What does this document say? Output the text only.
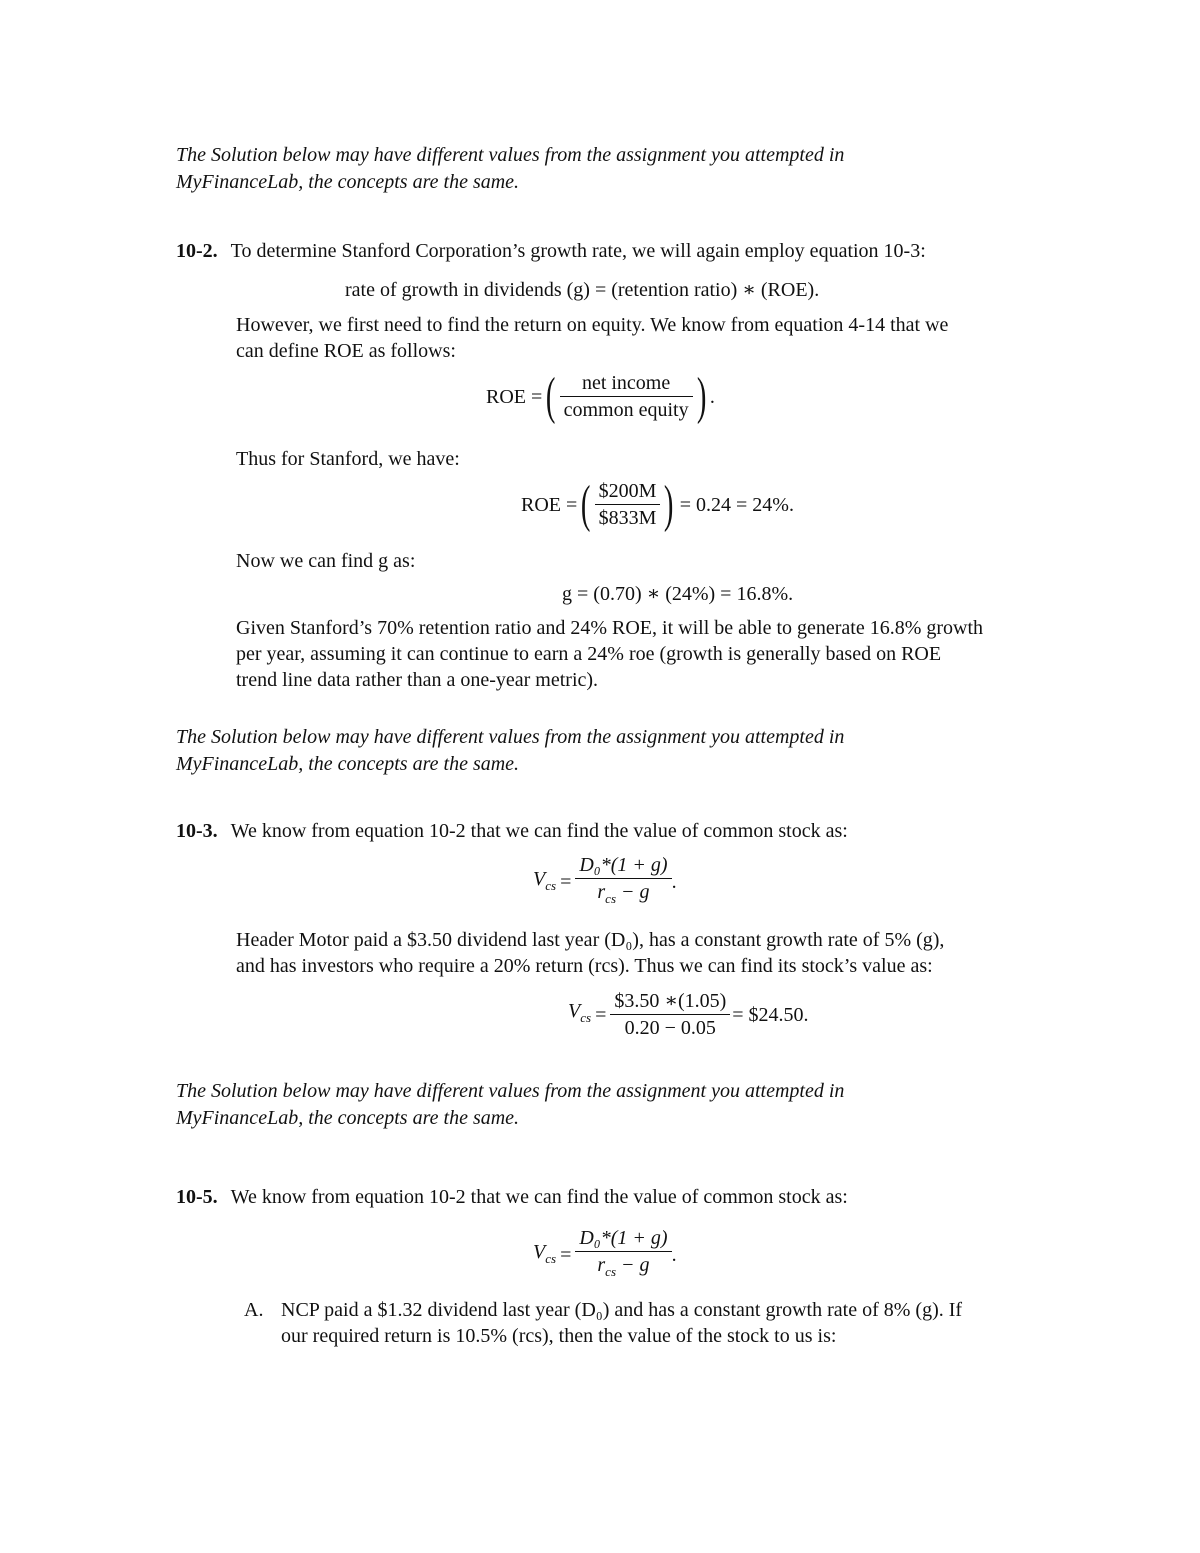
The Solution below may have different values from the assignment you attempted in
MyFinanceLab, the concepts are the same.
10-2. To determine Stanford Corporation’s growth rate, we will again employ equation 10-3:
rate of growth in dividends (g) = (retention ratio) ∗ (ROE).
However, we first need to find the return on equity. We know from equation 4-14 that we
can define ROE as follows:
ROE = ( $\frac{\text{net income}}{\text{common equity}}$ ) .
Thus for Stanford, we have:
ROE = ( $\frac{\$200M}{\$833M}$ ) = 0.24 = 24%.
Now we can find g as:
g = (0.70) ∗ (24%) = 16.8%.
Given Stanford’s 70% retention ratio and 24% ROE, it will be able to generate 16.8% growth
per year, assuming it can continue to earn a 24% roe (growth is generally based on ROE
trend line data rather than a one-year metric).
The Solution below may have different values from the assignment you attempted in
MyFinanceLab, the concepts are the same.
10-3. We know from equation 10-2 that we can find the value of common stock as:
$V_{cs} = \frac{\text{D₀*(1 + g)}}{r_{cs} - g}$ .
Header Motor paid a $3.50 dividend last year (D₀), has a constant growth rate of 5% (g),
and has investors who require a 20% return (rcs). Thus we can find its stock’s value as:
$V_{cs} = \frac{\$3.50 ∗(1.05)}{0.20 - 0.05}$ = $24.50.
The Solution below may have different values from the assignment you attempted in
MyFinanceLab, the concepts are the same.
10-5. We know from equation 10-2 that we can find the value of common stock as:
$V_{cs} = \frac{\text{D₀*(1 + g)}}{r_{cs} - g}$ .
A. NCP paid a $1.32 dividend last year (D₀) and has a constant growth rate of 8% (g). If
our required return is 10.5% (rcs), then the value of the stock to us is:
